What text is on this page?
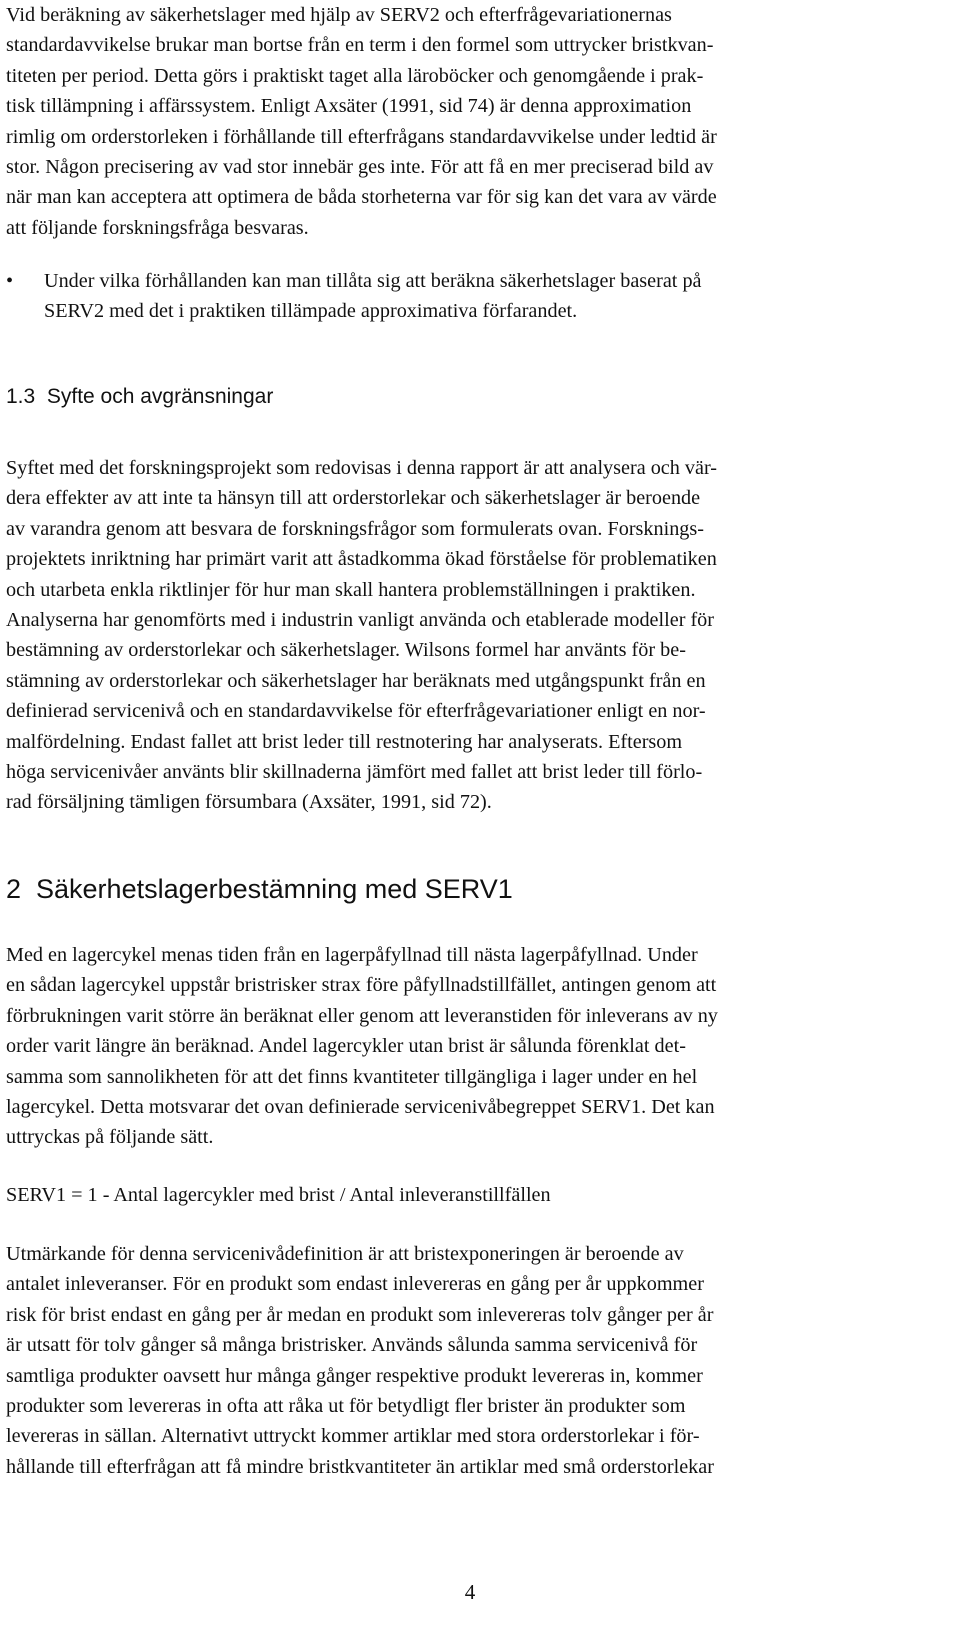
Vid beräkning av säkerhetslager med hjälp av SERV2 och efterfrågevariationernas
standardavvikelse brukar man bortse från en term i den formel som uttrycker bristkvan-
titeten per period. Detta görs i praktiskt taget alla läroböcker och genomgående i prak-
tisk tillämpning i affärssystem. Enligt Axsäter (1991, sid 74) är denna approximation
rimlig om orderstorleken i förhållande till efterfrågans standardavvikelse under ledtid är
stor. Någon precisering av vad stor innebär ges inte. För att få en mer preciserad bild av
när man kan acceptera att optimera de båda storheterna var för sig kan det vara av värde
att följande forskningsfråga besvaras.
• Under vilka förhållanden kan man tillåta sig att beräkna säkerhetslager baserat på
SERV2 med det i praktiken tillämpade approximativa förfarandet.
1.3  Syfte och avgränsningar
Syftet med det forskningsprojekt som redovisas i denna rapport är att analysera och vär-
dera effekter av att inte ta hänsyn till att orderstorlekar och säkerhetslager är beroende
av varandra genom att besvara de forskningsfrågor som formulerats ovan. Forsknings-
projektets inriktning har primärt varit att åstadkomma ökad förståelse för problematiken
och utarbeta enkla riktlinjer för hur man skall hantera problemställningen i praktiken.
Analyserna har genomförts med i industrin vanligt använda och etablerade modeller för
bestämning av orderstorlekar och säkerhetslager. Wilsons formel har använts för be-
stämning av orderstorlekar och säkerhetslager har beräknats med utgångspunkt från en
definierad servicenivå och en standardavvikelse för efterfrågevariationer enligt en nor-
malfördelning. Endast fallet att brist leder till restnotering har analyserats. Eftersom
höga servicenivåer använts blir skillnaderna jämfört med fallet att brist leder till förlo-
rad försäljning tämligen försumbara (Axsäter, 1991, sid 72).
2  Säkerhetslagerbestämning med SERV1
Med en lagercykel menas tiden från en lagerpåfyllnad till nästa lagerpåfyllnad. Under
en sådan lagercykel uppstår bristrisker strax före påfyllnadstillfället, antingen genom att
förbrukningen varit större än beräknat eller genom att leveranstiden för inleverans av ny
order varit längre än beräknad. Andel lagercykler utan brist är sålunda förenklat det-
samma som sannolikheten för att det finns kvantiteter tillgängliga i lager under en hel
lagercykel. Detta motsvarar det ovan definierade servicenivåbegreppet SERV1. Det kan
uttryckas på följande sätt.
SERV1 = 1 - Antal lagercykler med brist / Antal inleveranstillfällen
Utmärkande för denna servicenivådefinition är att bristexponeringen är beroende av
antalet inleveranser. För en produkt som endast inlevereras en gång per år uppkommer
risk för brist endast en gång per år medan en produkt som inlevereras tolv gånger per år
är utsatt för tolv gånger så många bristrisker. Används sålunda samma servicenivå för
samtliga produkter oavsett hur många gånger respektive produkt levereras in, kommer
produkter som levereras in ofta att råka ut för betydligt fler brister än produkter som
levereras in sällan. Alternativt uttryckt kommer artiklar med stora orderstorlekar i för-
hållande till efterfrågan att få mindre bristkvantiteter än artiklar med små orderstorlekar
4
